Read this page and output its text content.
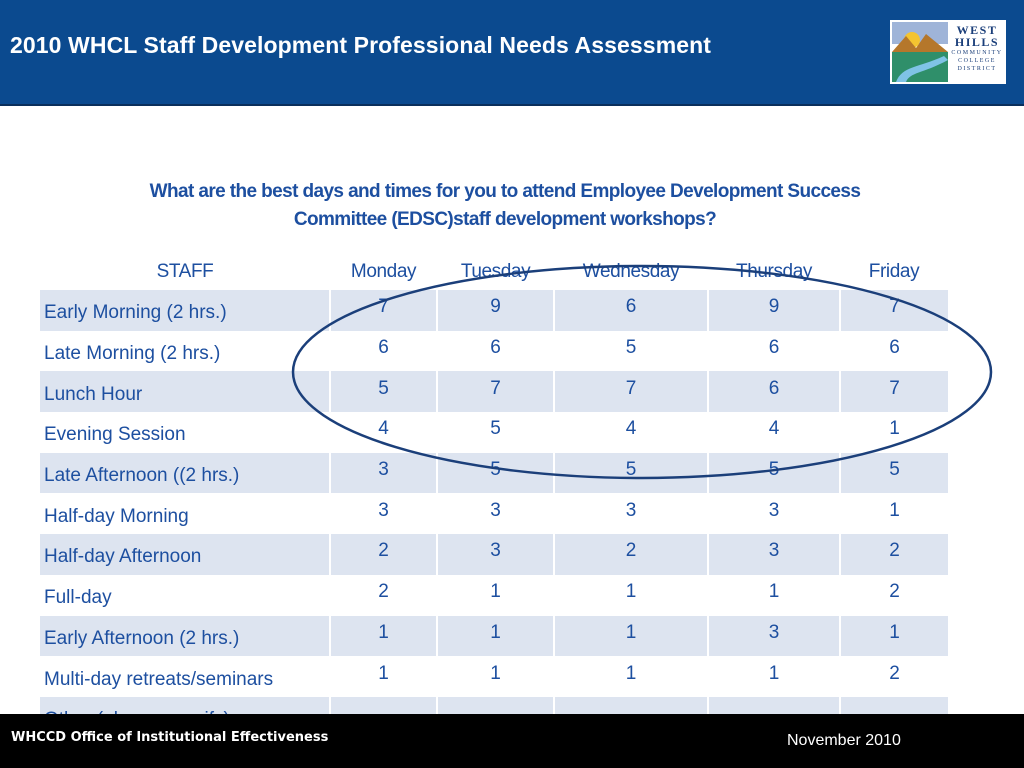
2010 WHCL Staff Development Professional Needs Assessment
WEST
HILLS
COMMUNITY
COLLEGE
DISTRICT
What are the best days and times for you to attend Employee Development Success
Committee (EDSC)staff development workshops?
STAFF	Monday	Tuesday	Wednesday	Thursday	Friday
Early Morning (2 hrs.)	7	9	6	9	7
Late Morning (2 hrs.)	6	6	5	6	6
Lunch Hour	5	7	7	6	7
Evening Session	4	5	4	4	1
Late Afternoon ((2 hrs.)	3	5	5	5	5
Half-day Morning	3	3	3	3	1
Half-day Afternoon	2	3	2	3	2
Full-day	2	1	1	1	2
Early Afternoon (2 hrs.)	1	1	1	3	1
Multi-day retreats/seminars	1	1	1	1	2

WHCCD Office of Institutional Effectiveness	November 2010
